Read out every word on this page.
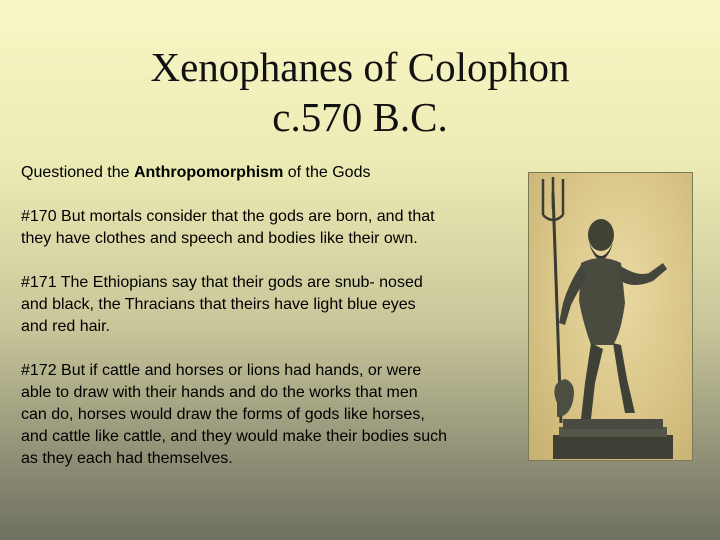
Xenophanes of Colophon
c.570 B.C.
Questioned the Anthropomorphism of the Gods
#170 But mortals consider that the gods are born, and that
they have clothes and speech and bodies like their own.
#171 The Ethiopians say that their gods are snub- nosed
and black, the Thracians that theirs have light blue eyes
and red hair.
#172 But if cattle and horses or lions had hands, or were
able to draw with their hands and do the works that men
can do, horses would draw the forms of gods like horses,
and cattle like cattle, and they would make their bodies such
as they each had themselves.
